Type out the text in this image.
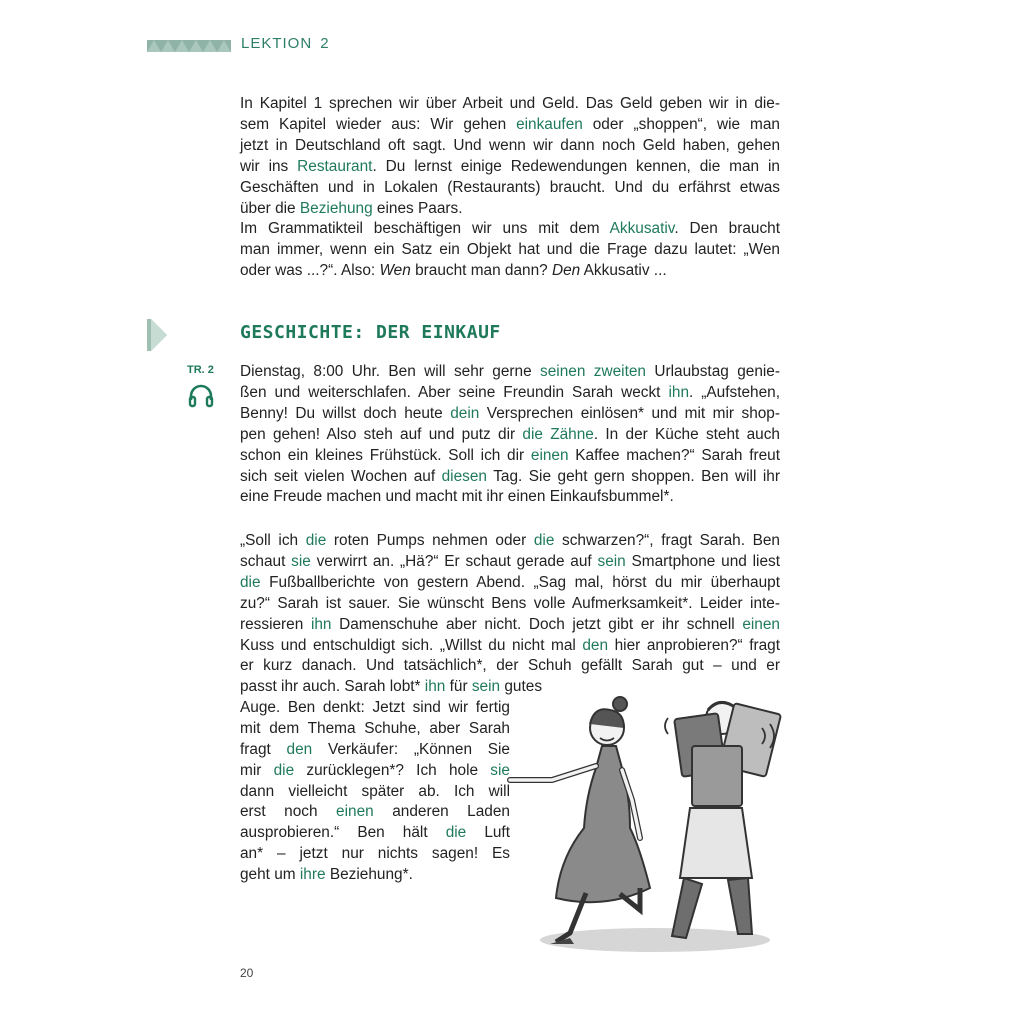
LEKTION 2

In Kapitel 1 sprechen wir über Arbeit und Geld. Das Geld geben wir in die-
sem Kapitel wieder aus: Wir gehen einkaufen oder „shoppen“, wie man
jetzt in Deutschland oft sagt. Und wenn wir dann noch Geld haben, gehen
wir ins Restaurant. Du lernst einige Redewendungen kennen, die man in
Geschäften und in Lokalen (Restaurants) braucht. Und du erfährst etwas
über die Beziehung eines Paars.
Im Grammatikteil beschäftigen wir uns mit dem Akkusativ. Den braucht
man immer, wenn ein Satz ein Objekt hat und die Frage dazu lautet: „Wen
oder was ...?“. Also: Wen braucht man dann? Den Akkusativ ...

GESCHICHTE: DER EINKAUF
TR. 2 Dienstag, 8:00 Uhr. Ben will sehr gerne seinen zweiten Urlaubstag genie-
ßen und weiterschlafen. Aber seine Freundin Sarah weckt ihn. „Aufstehen,
Benny! Du willst doch heute dein Versprechen einlösen* und mit mir shop-
pen gehen! Also steh auf und putz dir die Zähne. In der Küche steht auch
schon ein kleines Frühstück. Soll ich dir einen Kaffee machen?“ Sarah freut
sich seit vielen Wochen auf diesen Tag. Sie geht gern shoppen. Ben will ihr
eine Freude machen und macht mit ihr einen Einkaufsbummel*.

„Soll ich die roten Pumps nehmen oder die schwarzen?“, fragt Sarah. Ben
schaut sie verwirrt an. „Hä?“ Er schaut gerade auf sein Smartphone und liest
die Fußballberichte von gestern Abend. „Sag mal, hörst du mir überhaupt
zu?“ Sarah ist sauer. Sie wünscht Bens volle Aufmerksamkeit*. Leider inte-
ressieren ihn Damenschuhe aber nicht. Doch jetzt gibt er ihr schnell einen
Kuss und entschuldigt sich. „Willst du nicht mal den hier anprobieren?“ fragt
er kurz danach. Und tatsächlich*, der Schuh gefällt Sarah gut – und er

passt ihr auch. Sarah lobt* ihn für sein gutes
Auge. Ben denkt: Jetzt sind wir fertig
mit dem Thema Schuhe, aber Sarah
fragt den Verkäufer: „Können Sie
mir die zurücklegen*? Ich hole sie
dann vielleicht später ab. Ich will
erst noch einen anderen Laden
ausprobieren.“ Ben hält die Luft
an* – jetzt nur nichts sagen! Es
geht um ihre Beziehung*.

20
